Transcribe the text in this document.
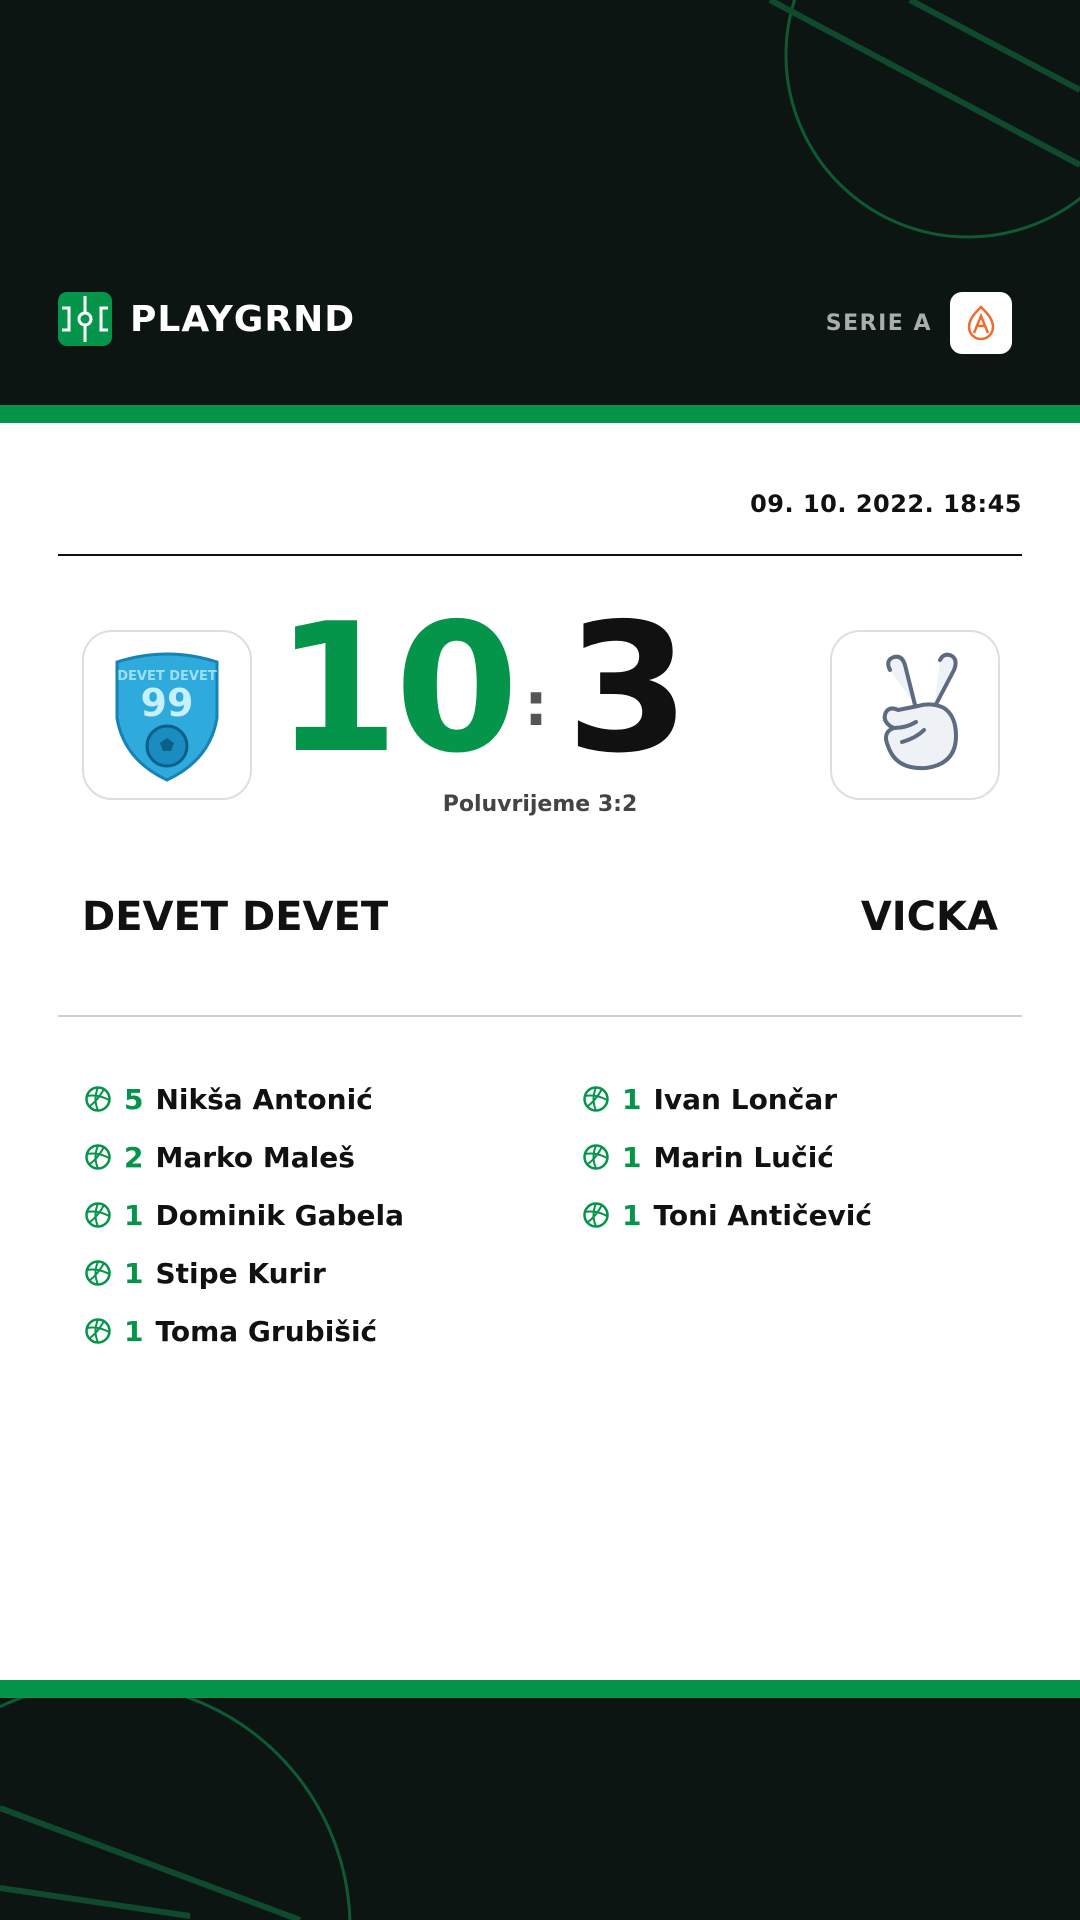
PLAYGRND	SERIE A
09. 10. 2022. 18:45
DEVET DEVET
99 10 : 3
Poluvrijeme 3:2
DEVET DEVET	VICKA
5 Nikša Antonić
2 Marko Maleš
1 Dominik Gabela
1 Stipe Kurir
1 Toma Grubišić
1 Ivan Lončar
1 Marin Lučić
1 Toni Antičević
